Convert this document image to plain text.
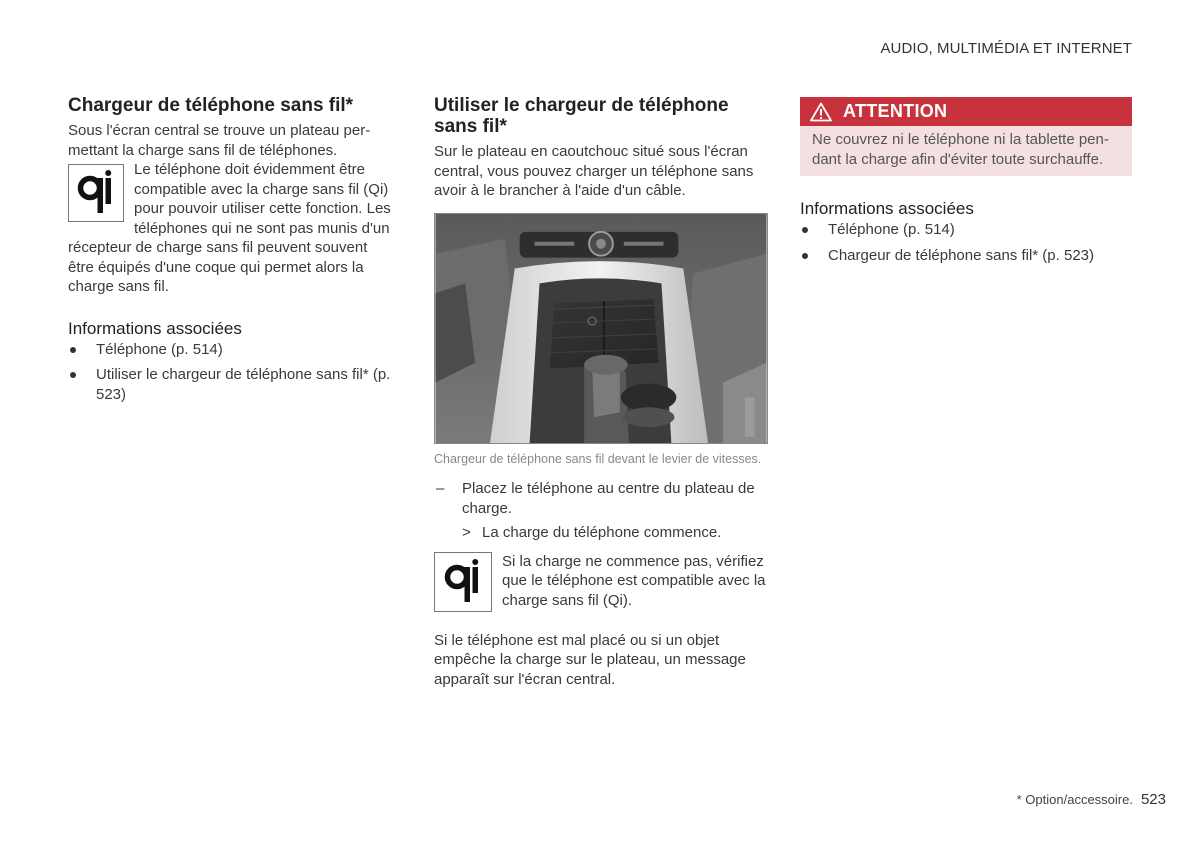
AUDIO, MULTIMÉDIA ET INTERNET
Chargeur de téléphone sans fil*

Sous l'écran central se trouve un plateau per-mettant la charge sans fil de téléphones.

Le téléphone doit évidemment être compatible avec la charge sans fil (Qi) pour pouvoir utiliser cette fonction. Les téléphones qui ne sont pas munis d'un récepteur de charge sans fil peuvent souvent être équipés d'une coque qui permet alors la charge sans fil.

Informations associées
Téléphone (p. 514)
Utiliser le chargeur de téléphone sans fil* (p. 523)
Utiliser le chargeur de téléphone sans fil*

Sur le plateau en caoutchouc situé sous l'écran central, vous pouvez charger un téléphone sans avoir à le brancher à l'aide d'un câble.

Chargeur de téléphone sans fil devant le levier de vitesses.
– Placez le téléphone au centre du plateau de charge.
> La charge du téléphone commence.

Si la charge ne commence pas, vérifiez que le téléphone est compatible avec la charge sans fil (Qi).

Si le téléphone est mal placé ou si un objet empêche la charge sur le plateau, un message apparaît sur l'écran central.

ATTENTION
Ne couvrez ni le téléphone ni la tablette pen-dant la charge afin d'éviter toute surchauffe.
Informations associées
Téléphone (p. 514)
Chargeur de téléphone sans fil* (p. 523)
* Option/accessoire. 523
